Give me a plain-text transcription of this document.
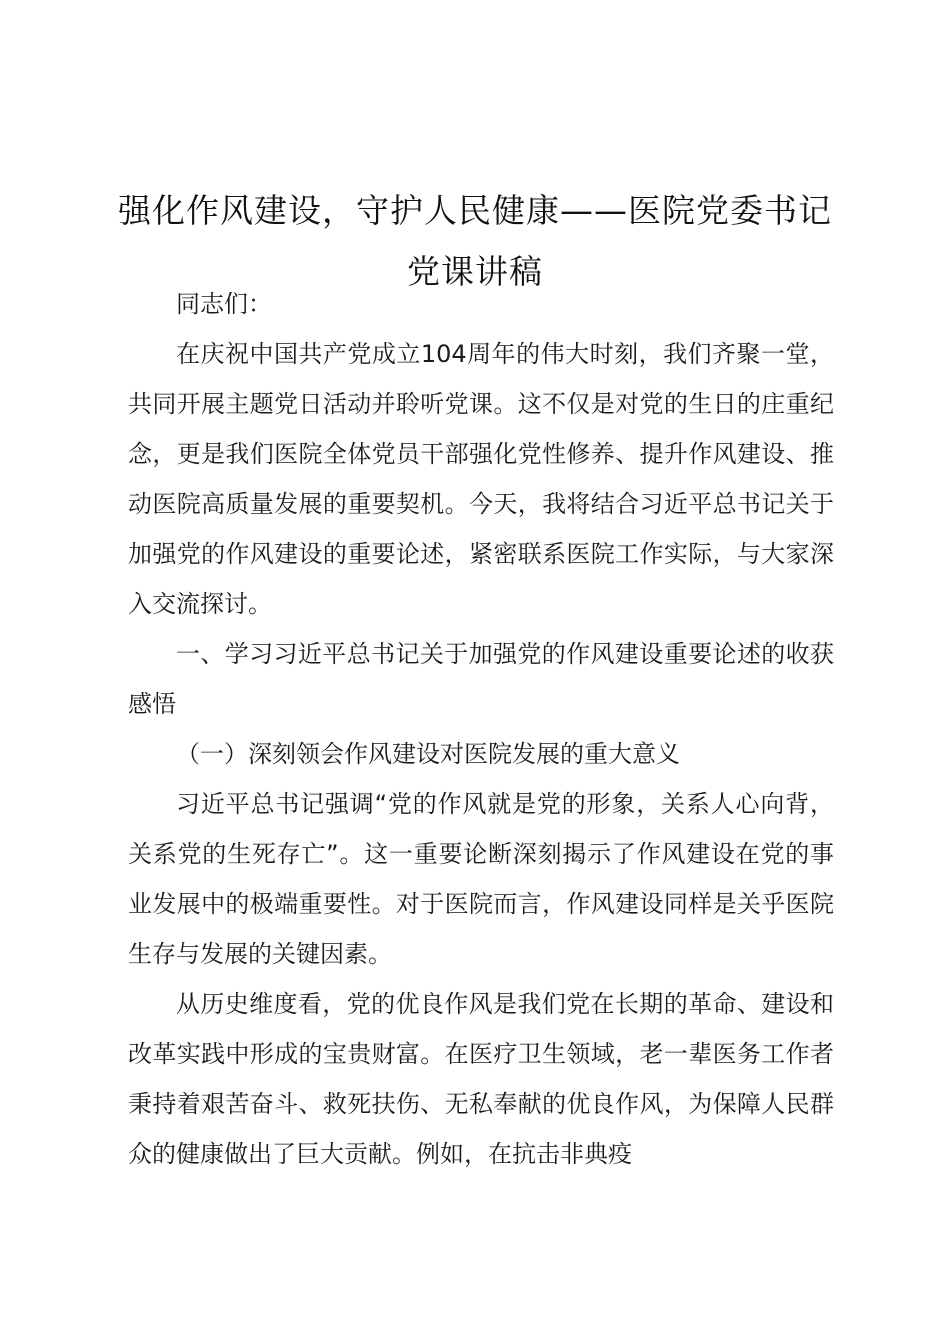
强化作风建设，守护人民健康——医院党委书记党课讲稿

同志们：

在庆祝中国共产党成立104周年的伟大时刻，我们齐聚一堂，共同开展主题党日活动并聆听党课。这不仅是对党的生日的庄重纪念，更是我们医院全体党员干部强化党性修养、提升作风建设、推动医院高质量发展的重要契机。今天，我将结合习近平总书记关于加强党的作风建设的重要论述，紧密联系医院工作实际，与大家深入交流探讨。

一、学习习近平总书记关于加强党的作风建设重要论述的收获感悟

（一）深刻领会作风建设对医院发展的重大意义

习近平总书记强调“党的作风就是党的形象，关系人心向背，关系党的生死存亡”。这一重要论断深刻揭示了作风建设在党的事业发展中的极端重要性。对于医院而言，作风建设同样是关乎医院生存与发展的关键因素。

从历史维度看，党的优良作风是我们党在长期的革命、建设和改革实践中形成的宝贵财富。在医疗卫生领域，老一辈医务工作者秉持着艰苦奋斗、救死扶伤、无私奉献的优良作风，为保障人民群众的健康做出了巨大贡献。例如，在抗击非典疫
